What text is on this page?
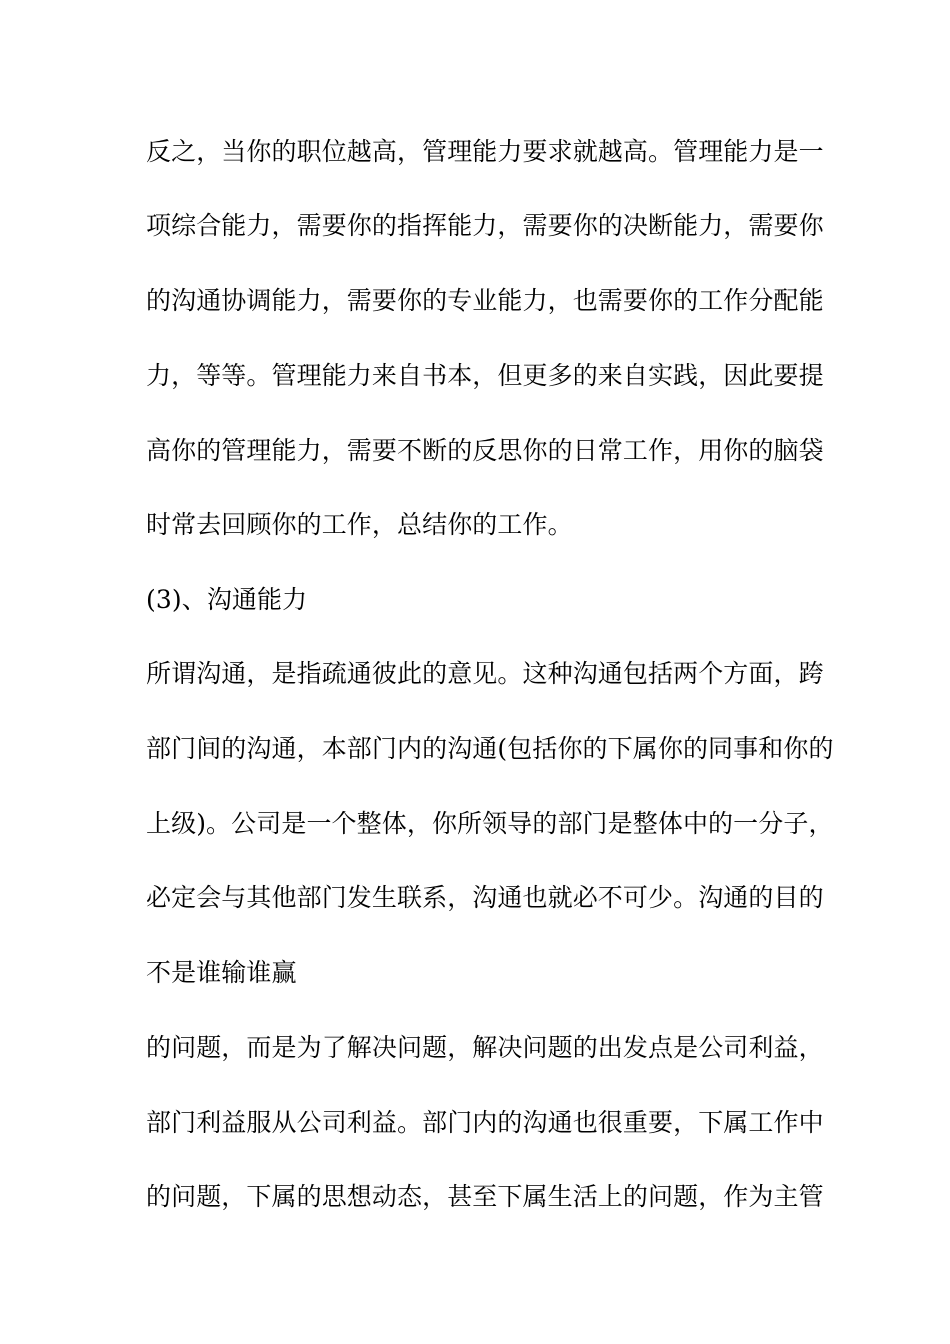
反之，当你的职位越高，管理能力要求就越高。管理能力是一
项综合能力，需要你的指挥能力，需要你的决断能力，需要你
的沟通协调能力，需要你的专业能力，也需要你的工作分配能
力，等等。管理能力来自书本，但更多的来自实践，因此要提
高你的管理能力，需要不断的反思你的日常工作，用你的脑袋
时常去回顾你的工作，总结你的工作。
(3)、沟通能力
所谓沟通，是指疏通彼此的意见。这种沟通包括两个方面，跨
部门间的沟通，本部门内的沟通(包括你的下属你的同事和你的
上级)。公司是一个整体，你所领导的部门是整体中的一分子，
必定会与其他部门发生联系，沟通也就必不可少。沟通的目的
不是谁输谁赢
的问题，而是为了解决问题，解决问题的出发点是公司利益，
部门利益服从公司利益。部门内的沟通也很重要，下属工作中
的问题，下属的思想动态，甚至下属生活上的问题，作为主管
